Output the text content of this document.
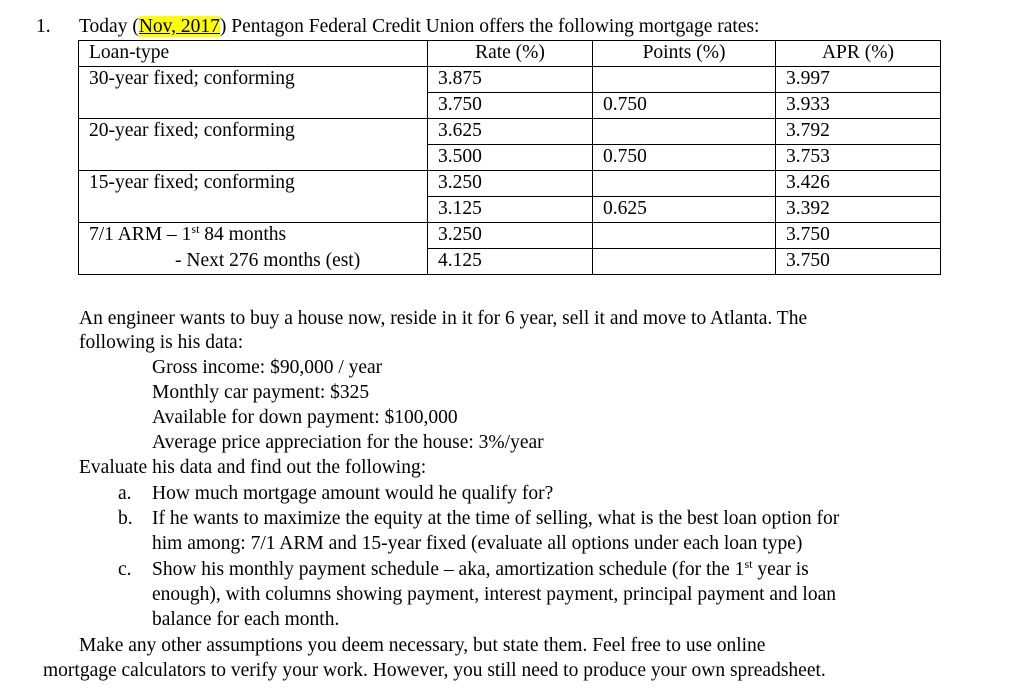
1. Today (Nov, 2017) Pentagon Federal Credit Union offers the following mortgage rates:
Loan-type	Rate (%)	Points (%)	APR (%)
30-year fixed; conforming	3.875		3.997
	3.750	0.750	3.933
20-year fixed; conforming	3.625		3.792
	3.500	0.750	3.753
15-year fixed; conforming	3.250		3.426
	3.125	0.625	3.392
7/1 ARM – 1st 84 months	3.250		3.750
- Next 276 months (est)	4.125		3.750
An engineer wants to buy a house now, reside in it for 6 year, sell it and move to Atlanta. The
following is his data:
Gross income: $90,000 / year
Monthly car payment: $325
Available for down payment: $100,000
Average price appreciation for the house: 3%/year
Evaluate his data and find out the following:
a. How much mortgage amount would he qualify for?
b. If he wants to maximize the equity at the time of selling, what is the best loan option for
him among: 7/1 ARM and 15-year fixed (evaluate all options under each loan type)
c. Show his monthly payment schedule – aka, amortization schedule (for the 1st year is
enough), with columns showing payment, interest payment, principal payment and loan
balance for each month.
Make any other assumptions you deem necessary, but state them. Feel free to use online
mortgage calculators to verify your work. However, you still need to produce your own spreadsheet.
